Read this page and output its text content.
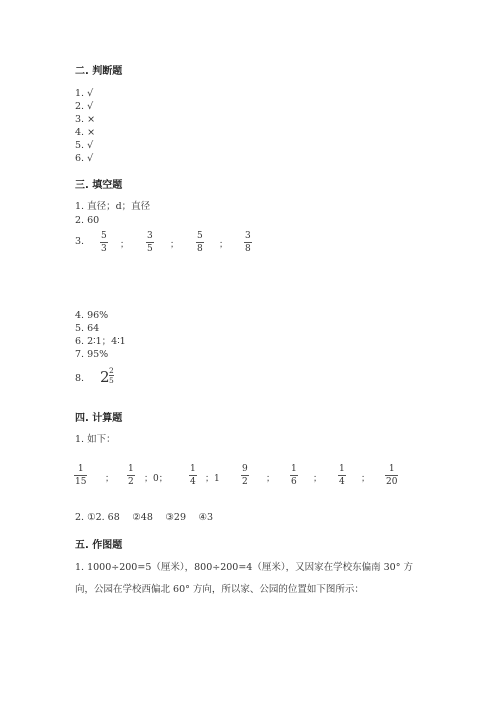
二. 判断题
1. √
2. √
3. ×
4. ×
5. √
6. √
三. 填空题
1. 直径；d；直径
2. 60
3. 5
3 ；
3
5 ；
5
8 ；
3
8
4. 96%
5. 64
6. 2∶1；4∶1
7. 95%
8. 2 2
5
四. 计算题
1. 如下：
1
15 ；
1
2 ；0；
1
4 ；1
9
2 ；
1
6 ；
1
4 ；
1
20
2. ①2. 68　 ②48　 ③29　 ④3
五. 作图题
1. 1000÷200=5（厘米），800÷200=4（厘米），又因家在学校东偏南 30° 方
向，公园在学校西偏北 60° 方向，所以家、公园的位置如下图所示：
